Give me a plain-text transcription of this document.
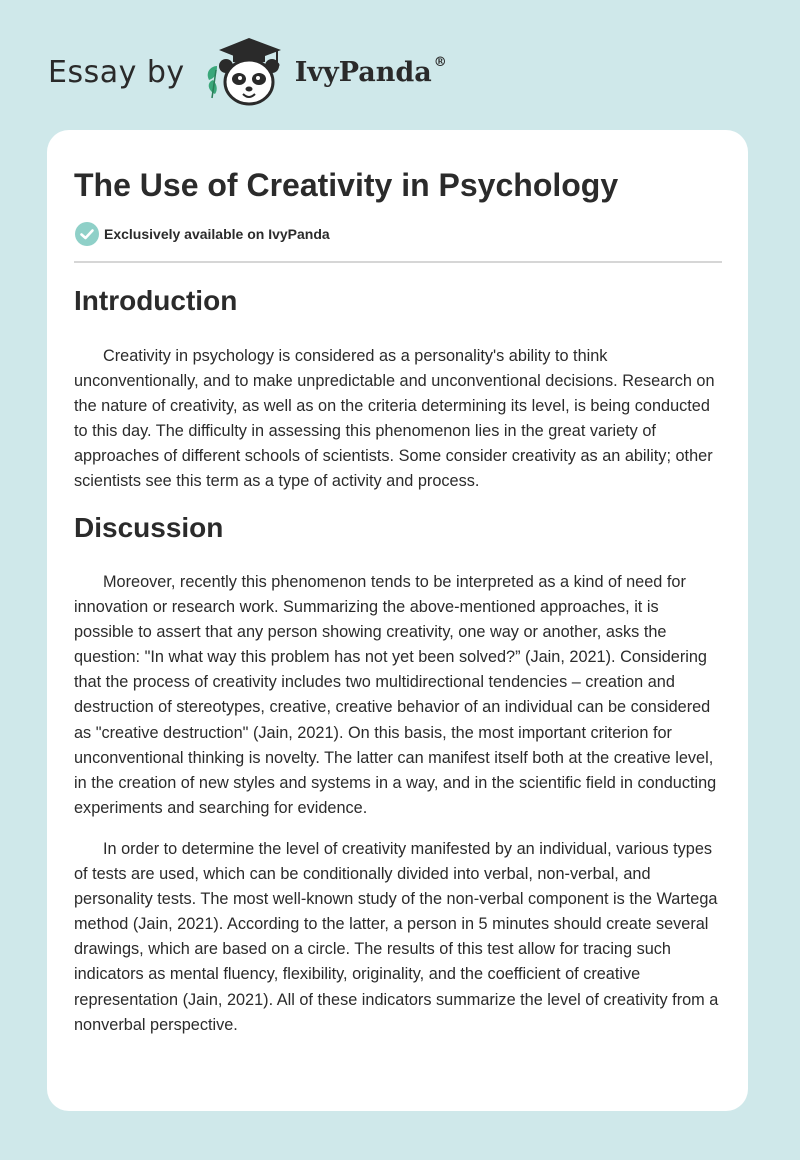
Essay by	IvyPanda ®
The Use of Creativity in Psychology
Exclusively available on IvyPanda
Introduction

Creativity in psychology is considered as a personality's ability to think unconventionally, and to make unpredictable and unconventional decisions. Research on the nature of creativity, as well as on the criteria determining its level, is being conducted to this day. The difficulty in assessing this phenomenon lies in the great variety of approaches of different schools of scientists. Some consider creativity as an ability; other scientists see this term as a type of activity and process.

Discussion

Moreover, recently this phenomenon tends to be interpreted as a kind of need for innovation or research work. Summarizing the above-mentioned approaches, it is possible to assert that any person showing creativity, one way or another, asks the question: "In what way this problem has not yet been solved?” (Jain, 2021). Considering that the process of creativity includes two multidirectional tendencies – creation and destruction of stereotypes, creative, creative behavior of an individual can be considered as "creative destruction" (Jain, 2021). On this basis, the most important criterion for unconventional thinking is novelty. The latter can manifest itself both at the creative level, in the creation of new styles and systems in a way, and in the scientific field in conducting experiments and searching for evidence.

In order to determine the level of creativity manifested by an individual, various types of tests are used, which can be conditionally divided into verbal, non-verbal, and personality tests. The most well-known study of the non-verbal component is the Wartega method (Jain, 2021). According to the latter, a person in 5 minutes should create several drawings, which are based on a circle. The results of this test allow for tracing such indicators as mental fluency, flexibility, originality, and the coefficient of creative representation (Jain, 2021). All of these indicators summarize the level of creativity from a nonverbal perspective.
